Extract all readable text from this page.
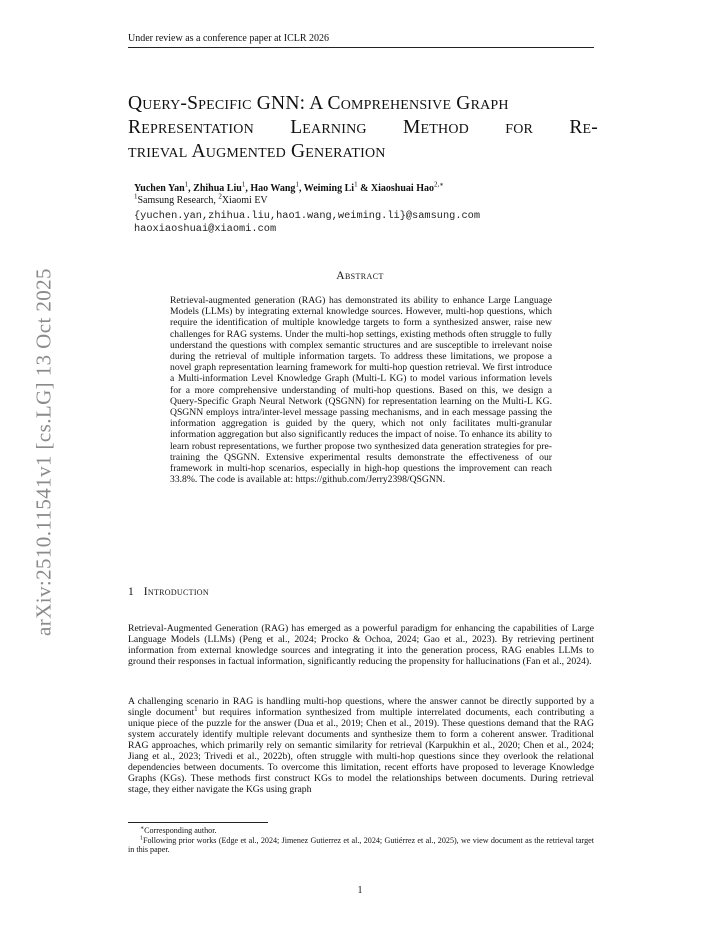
Under review as a conference paper at ICLR 2026
arXiv:2510.11541v1 [cs.LG] 13 Oct 2025
Query-Specific GNN: A Comprehensive Graph
Representation Learning Method for Re-
trieval Augmented Generation
Yuchen Yan$^1$, Zhihua Liu$^1$, Hao Wang$^1$, Weiming Li$^1$ & Xiaoshuai Hao$^{2,∗}$
$^1$Samsung Research, $^2$Xiaomi EV
{yuchen.yan,zhihua.liu,hao1.wang,weiming.li}@samsung.com
haoxiaoshuai@xiaomi.com
Abstract
Retrieval-augmented generation (RAG) has demonstrated its ability to enhance Large Language Models (LLMs) by integrating external knowledge sources. However, multi-hop questions, which require the identification of multiple knowledge targets to form a synthesized answer, raise new challenges for RAG systems. Under the multi-hop settings, existing methods often struggle to fully understand the questions with complex semantic structures and are susceptible to irrelevant noise during the retrieval of multiple information targets. To address these limitations, we propose a novel graph representation learning framework for multi-hop question retrieval. We first introduce a Multi-information Level Knowledge Graph (Multi-L KG) to model various information levels for a more comprehensive understanding of multi-hop questions. Based on this, we design a Query-Specific Graph Neural Network (QSGNN) for representation learning on the Multi-L KG. QSGNN employs intra/inter-level message passing mechanisms, and in each message passing the information aggregation is guided by the query, which not only facilitates multi-granular information aggregation but also significantly reduces the impact of noise. To enhance its ability to learn robust representations, we further propose two synthesized data generation strategies for pre-training the QSGNN. Extensive experimental results demonstrate the effectiveness of our framework in multi-hop scenarios, especially in high-hop questions the improvement can reach 33.8%. The code is available at: https://github.com/Jerry2398/QSGNN.
1 Introduction

Retrieval-Augmented Generation (RAG) has emerged as a powerful paradigm for enhancing the capabilities of Large Language Models (LLMs) (Peng et al., 2024; Procko & Ochoa, 2024; Gao et al., 2023). By retrieving pertinent information from external knowledge sources and integrating it into the generation process, RAG enables LLMs to ground their responses in factual information, significantly reducing the propensity for hallucinations (Fan et al., 2024).

A challenging scenario in RAG is handling multi-hop questions, where the answer cannot be directly supported by a single document$^1$ but requires information synthesized from multiple interrelated documents, each contributing a unique piece of the puzzle for the answer (Dua et al., 2019; Chen et al., 2019). These questions demand that the RAG system accurately identify multiple relevant documents and synthesize them to form a coherent answer. Traditional RAG approaches, which primarily rely on semantic similarity for retrieval (Karpukhin et al., 2020; Chen et al., 2024; Jiang et al., 2023; Trivedi et al., 2022b), often struggle with multi-hop questions since they overlook the relational dependencies between documents. To overcome this limitation, recent efforts have proposed to leverage Knowledge Graphs (KGs). These methods first construct KGs to model the relationships between documents. During retrieval stage, they either navigate the KGs using graph

∗Corresponding author.

$^1$Following prior works (Edge et al., 2024; Jimenez Gutierrez et al., 2024; Gutiérrez et al., 2025), we view document as the retrieval target in this paper.

1
